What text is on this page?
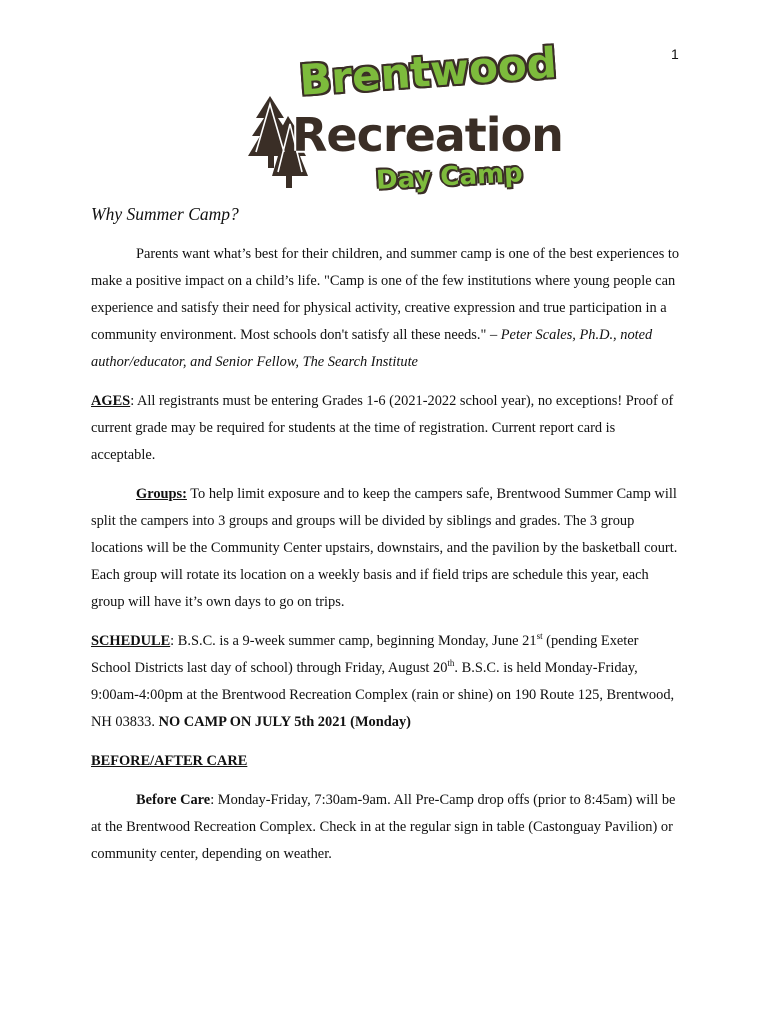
1
Brentwood
Recreation
Day Camp
Why Summer Camp?

Parents want what’s best for their children, and summer camp is one of the best experiences to make a positive impact on a child’s life. "Camp is one of the few institutions where young people can experience and satisfy their need for physical activity, creative expression and true participation in a community environment. Most schools don't satisfy all these needs." – Peter Scales, Ph.D., noted author/educator, and Senior Fellow, The Search Institute

AGES: All registrants must be entering Grades 1-6 (2021-2022 school year), no exceptions! Proof of current grade may be required for students at the time of registration. Current report card is acceptable.

Groups: To help limit exposure and to keep the campers safe, Brentwood Summer Camp will split the campers into 3 groups and groups will be divided by siblings and grades. The 3 group locations will be the Community Center upstairs, downstairs, and the pavilion by the basketball court. Each group will rotate its location on a weekly basis and if field trips are schedule this year, each group will have it’s own days to go on trips.

SCHEDULE: B.S.C. is a 9-week summer camp, beginning Monday, June 21st (pending Exeter School Districts last day of school) through Friday, August 20th. B.S.C. is held Monday-Friday, 9:00am-4:00pm at the Brentwood Recreation Complex (rain or shine) on 190 Route 125, Brentwood, NH 03833. NO CAMP ON JULY 5th 2021 (Monday)

BEFORE/AFTER CARE

Before Care: Monday-Friday, 7:30am-9am. All Pre-Camp drop offs (prior to 8:45am) will be at the Brentwood Recreation Complex. Check in at the regular sign in table (Castonguay Pavilion) or community center, depending on weather.
